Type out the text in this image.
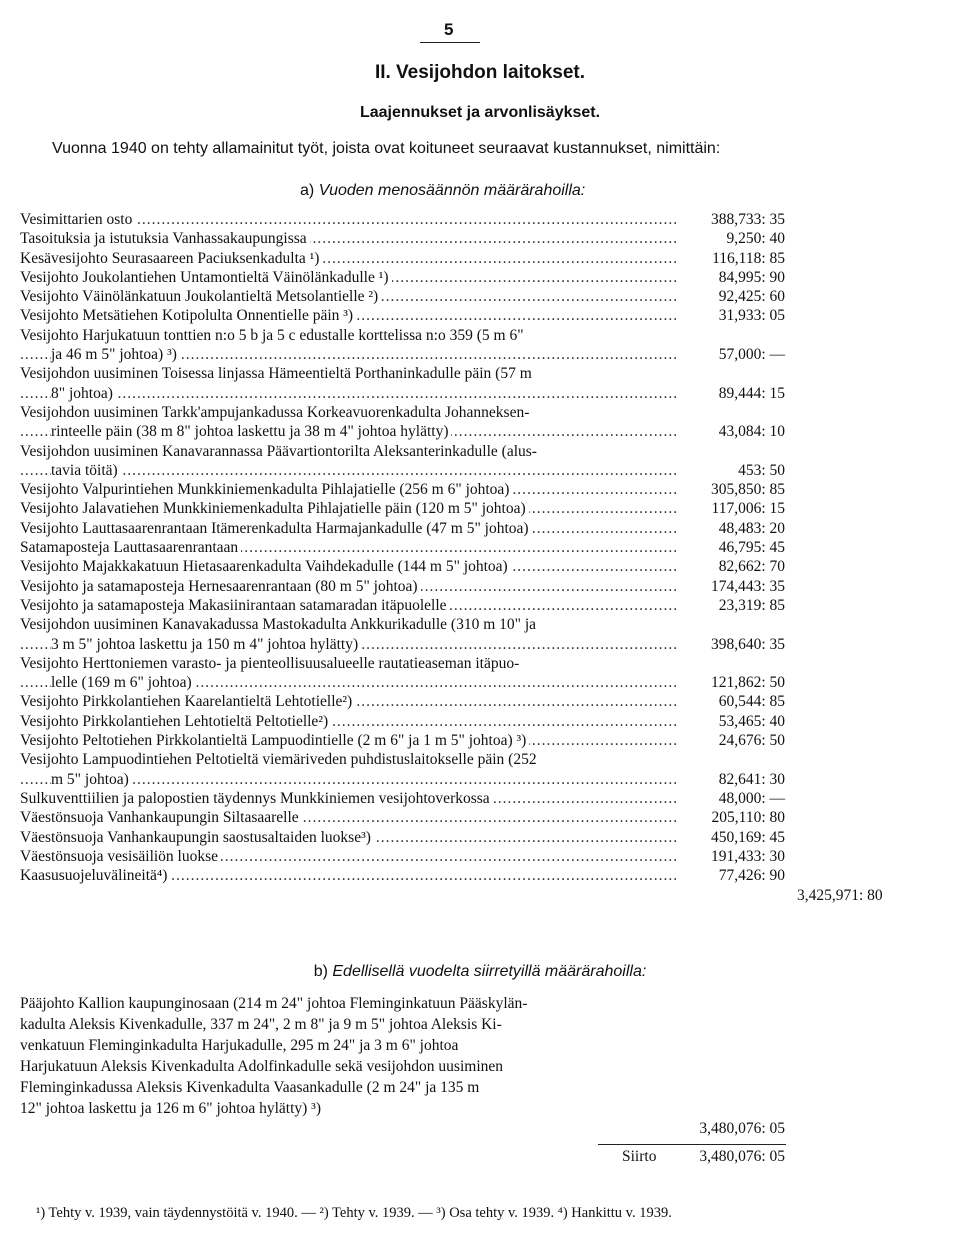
5
II. Vesijohdon laitokset.
Laajennukset ja arvonlisäykset.
Vuonna 1940 on tehty allamainitut työt, joista ovat koituneet seuraavat kustannukset, nimittäin:
a) Vuoden menosäännön määrärahoilla:
Vesimittarien osto .....	388,733: 35
Tasoituksia ja istutuksia Vanhassakaupungissa .....	9,250: 40
Kesävesijohto Seurasaareen Paciuksenkadulta ¹) .....	116,118: 85
Vesijohto Joukolantiehen Untamontieltä Väinölänkadulle ¹) .....	84,995: 90
Vesijohto Väinölänkatuun Joukolantieltä Metsolantielle ²) .....	92,425: 60
Vesijohto Metsätiehen Kotipolulta Onnentielle päin ³) .....	31,933: 05
Vesijohto Harjukatuun tonttien n:o 5 b ja 5 c edustalle korttelissa n:o 359 (5 m 6"
ja 46 m 5" johtoa) ³) .....	57,000: —
Vesijohdon uusiminen Toisessa linjassa Hämeentieltä Porthaninkadulle päin (57 m
8" johtoa) .....	89,444: 15
Vesijohdon uusiminen Tarkk'ampujankadussa Korkeavuorenkadulta Johanneksen-
rinteelle päin (38 m 8" johtoa laskettu ja 38 m 4" johtoa hylätty) .....	43,084: 10
Vesijohdon uusiminen Kanavarannassa Päävartiontorilta Aleksanterinkadulle (alus-
tavia töitä) .....	453: 50
Vesijohto Valpurintiehen Munkkiniemenkadulta Pihlajatielle (256 m 6" johtoa) .....	305,850: 85
Vesijohto Jalavatiehen Munkkiniemenkadulta Pihlajatielle päin (120 m 5" johtoa) .....	117,006: 15
Vesijohto Lauttasaarenrantaan Itämerenkadulta Harmajankadulle (47 m 5" johtoa) .....	48,483: 20
Satamaposteja Lauttasaarenrantaan .....	46,795: 45
Vesijohto Majakkakatuun Hietasaarenkadulta Vaihdekadulle (144 m 5" johtoa) .....	82,662: 70
Vesijohto ja satamaposteja Hernesaarenrantaan (80 m 5" johtoa) .....	174,443: 35
Vesijohto ja satamaposteja Makasiinirantaan satamaradan itäpuolelle .....	23,319: 85
Vesijohdon uusiminen Kanavakadussa Mastokadulta Ankkurikadulle (310 m 10" ja
3 m 5" johtoa laskettu ja 150 m 4" johtoa hylätty) .....	398,640: 35
Vesijohto Herttoniemen varasto- ja pienteollisuusalueelle rautatieaseman itäpuo-
lelle (169 m 6" johtoa) .....	121,862: 50
Vesijohto Pirkkolantiehen Kaarelantieltä Lehtotielle²) .....	60,544: 85
Vesijohto Pirkkolantiehen Lehtotieltä Peltotielle²) .....	53,465: 40
Vesijohto Peltotiehen Pirkkolantieltä Lampuodintielle (2 m 6" ja 1 m 5" johtoa) ³) .....	24,676: 50
Vesijohto Lampuodintiehen Peltotieltä viemäriveden puhdistuslaitokselle päin (252
m 5" johtoa) .....	82,641: 30
Sulkuventtiilien ja palopostien täydennys Munkkiniemen vesijohtoverkossa .....	48,000: —
Väestönsuoja Vanhankaupungin Siltasaarelle .....	205,110: 80
Väestönsuoja Vanhankaupungin saostusaltaiden luokse³) .....	450,169: 45
Väestönsuoja vesisäiliön luokse .....	191,433: 30
Kaasusuojeluvälineitä⁴) .....	77,426: 90
3,425,971: 80
b) Edellisellä vuodelta siirretyillä määrärahoilla:
Pääjohto Kallion kaupunginosaan (214 m 24" johtoa Fleminginkatuun Pääskylän-
kadulta Aleksis Kivenkadulle, 337 m 24", 2 m 8" ja 9 m 5" johtoa Aleksis Ki-
venkatuun Fleminginkadulta Harjukadulle, 295 m 24" ja 3 m 6" johtoa
Harjukatuun Aleksis Kivenkadulta Adolfinkadulle sekä vesijohdon uusiminen
Fleminginkadussa Aleksis Kivenkadulta Vaasankadulle (2 m 24" ja 135 m
12" johtoa laskettu ja 126 m 6" johtoa hylätty) ³)
3,480,076: 05
Siirto	3,480,076: 05
¹) Tehty v. 1939, vain täydennystöitä v. 1940. — ²) Tehty v. 1939. — ³) Osa tehty v. 1939. ⁴) Hankittu v. 1939.
